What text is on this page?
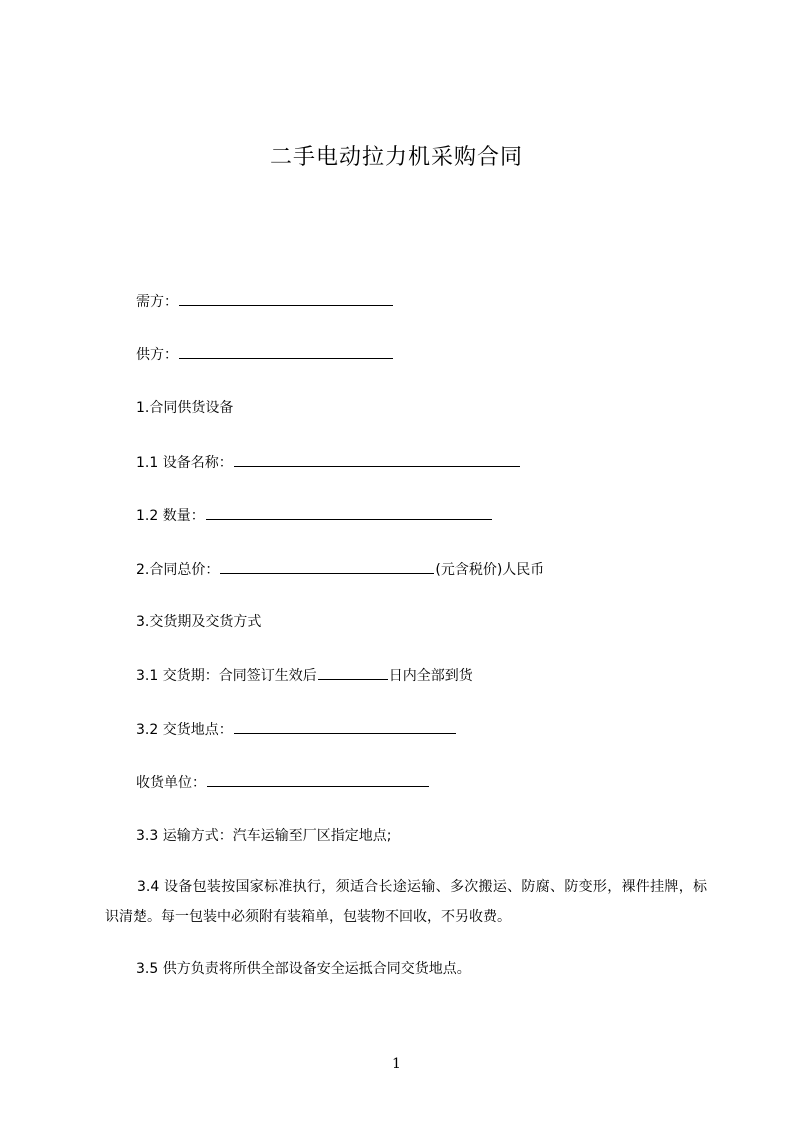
二手电动拉力机采购合同
需方：
供方：
1.合同供货设备
1.1 设备名称：
1.2 数量：
2.合同总价：	(元含税价)人民币
3.交货期及交货方式
3.1 交货期：合同签订生效后	日内全部到货
3.2 交货地点：
收货单位：
3.3 运输方式：汽车运输至厂区指定地点;
3.4 设备包装按国家标准执行，须适合长途运输、多次搬运、防腐、防变形，裸件挂牌，标识清楚。每一包装中必须附有装箱单，包装物不回收，不另收费。
3.5 供方负责将所供全部设备安全运抵合同交货地点。
1
